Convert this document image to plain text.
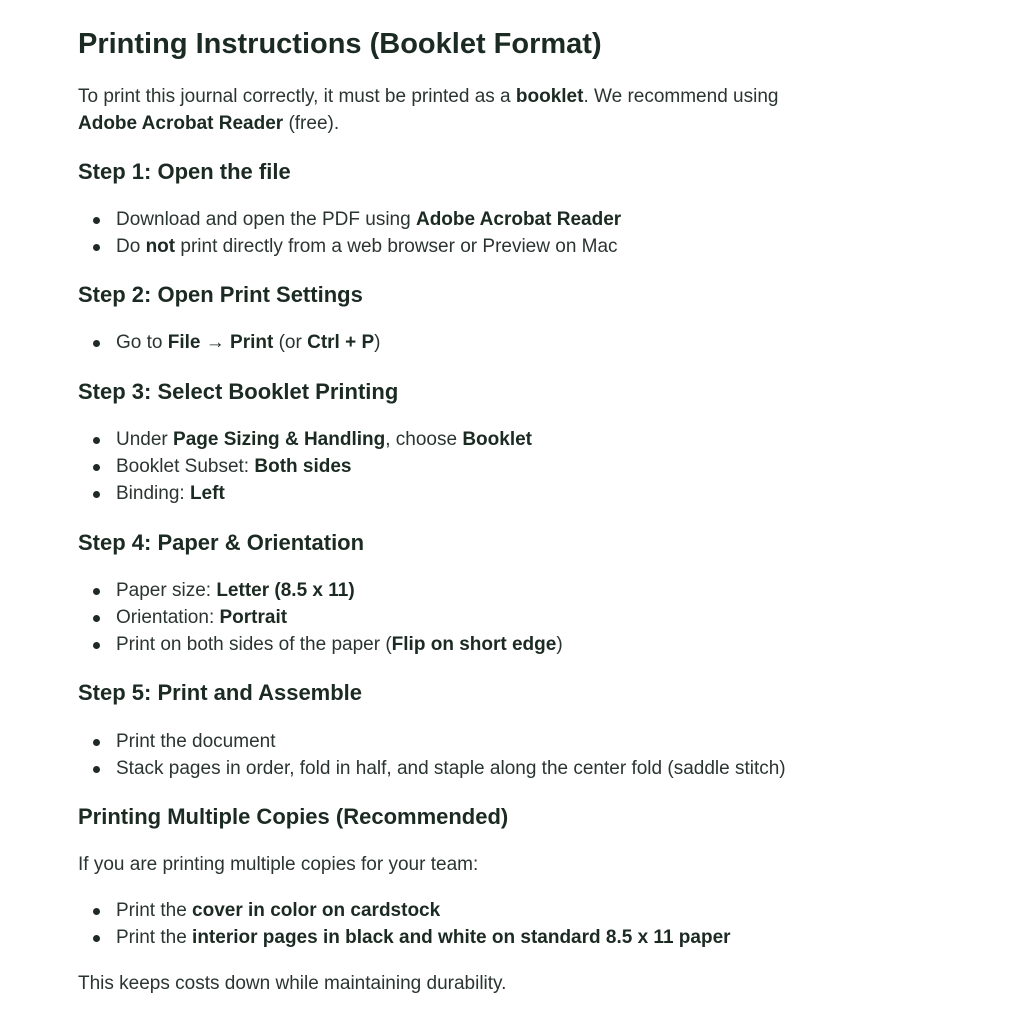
Printing Instructions (Booklet Format)

To print this journal correctly, it must be printed as a booklet. We recommend using
Adobe Acrobat Reader (free).

Step 1: Open the file
Download and open the PDF using Adobe Acrobat Reader
Do not print directly from a web browser or Preview on Mac
Step 2: Open Print Settings
Go to File → Print (or Ctrl + P)
Step 3: Select Booklet Printing
Under Page Sizing & Handling, choose Booklet
Booklet Subset: Both sides
Binding: Left
Step 4: Paper & Orientation
Paper size: Letter (8.5 x 11)
Orientation: Portrait
Print on both sides of the paper (Flip on short edge)
Step 5: Print and Assemble
Print the document
Stack pages in order, fold in half, and staple along the center fold (saddle stitch)
Printing Multiple Copies (Recommended)

If you are printing multiple copies for your team:

Print the cover in color on cardstock
Print the interior pages in black and white on standard 8.5 x 11 paper

This keeps costs down while maintaining durability.
